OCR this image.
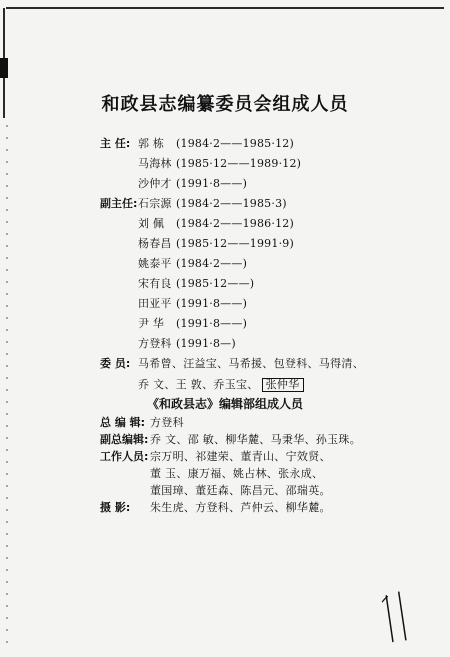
和政县志编纂委员会组成人员
主 任: 郭 栋	(1984·2——1985·12)
马海林 (1985·12——1989·12)
沙仲才 (1991·8——)
副主任: 石宗源 (1984·2——1985·3)
刘 佩	(1984·2——1986·12)
杨春昌 (1985·12——1991·9)
姚泰平 (1984·2——)
宋有良 (1985·12——)
田亚平 (1991·8——)
尹 华	(1991·8——)
方登科 (1991·8—)
委 员: 马希曾、汪益宝、马希援、包登科、马得清、
乔 文、王 敦、乔玉宝、 张仲华
《和政县志》编辑部组成人员
总 编 辑: 方登科
副总编辑: 乔 文、邵 敏、柳华麓、马秉华、孙玉珠。
工作人员: 宗万明、祁建荣、董青山、宁效贤、
董 玉、康万福、姚占林、张永成、
董国璋、董廷森、陈昌元、邵瑞英。
摄 影:	朱生虎、方登科、芦仲云、柳华麓。
